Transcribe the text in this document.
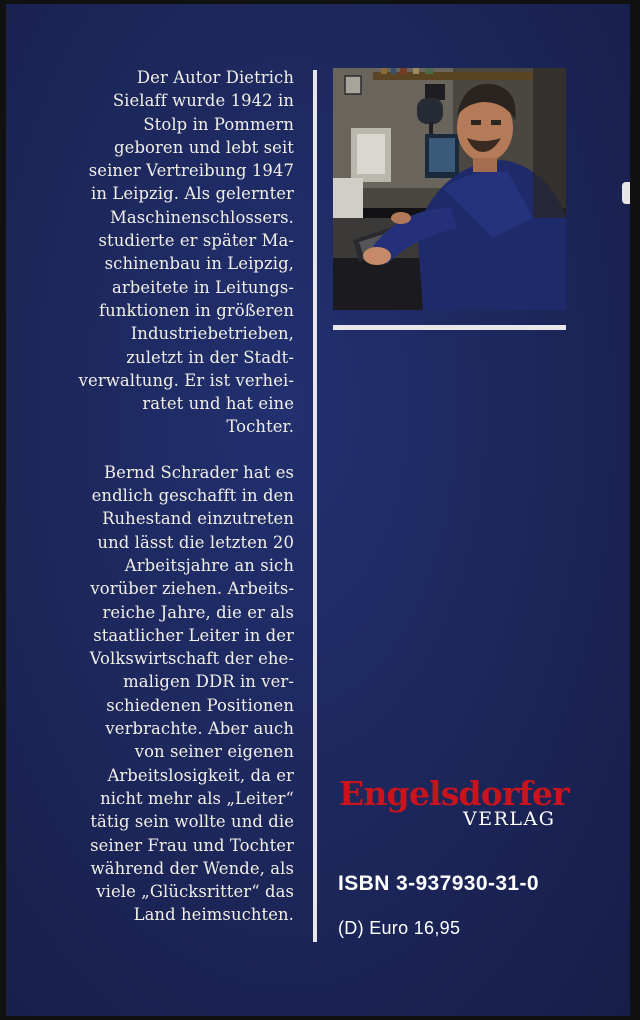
Der Autor Dietrich
Sielaff wurde 1942 in
Stolp in Pommern
geboren und lebt seit
seiner Vertreibung 1947
in Leipzig. Als gelernter
Maschinenschlossers.
studierte er später Ma-
schinenbau in Leipzig,
arbeitete in Leitungs-
funktionen in größeren
Industriebetrieben,
zuletzt in der Stadt-
verwaltung. Er ist verhei-
ratet und hat eine
Tochter.

Bernd Schrader hat es
endlich geschafft in den
Ruhestand einzutreten
und lässt die letzten 20
Arbeitsjahre an sich
vorüber ziehen. Arbeits-
reiche Jahre, die er als
staatlicher Leiter in der
Volkswirtschaft der ehe-
maligen DDR in ver-
schiedenen Positionen
verbrachte. Aber auch
von seiner eigenen
Arbeitslosigkeit, da er
nicht mehr als „Leiter“
tätig sein wollte und die
seiner Frau und Tochter
während der Wende, als
viele „Glücksritter“ das
Land heimsuchten.

Engelsdorfer
VERLAG
ISBN 3-937930-31-0
(D) Euro 16,95
